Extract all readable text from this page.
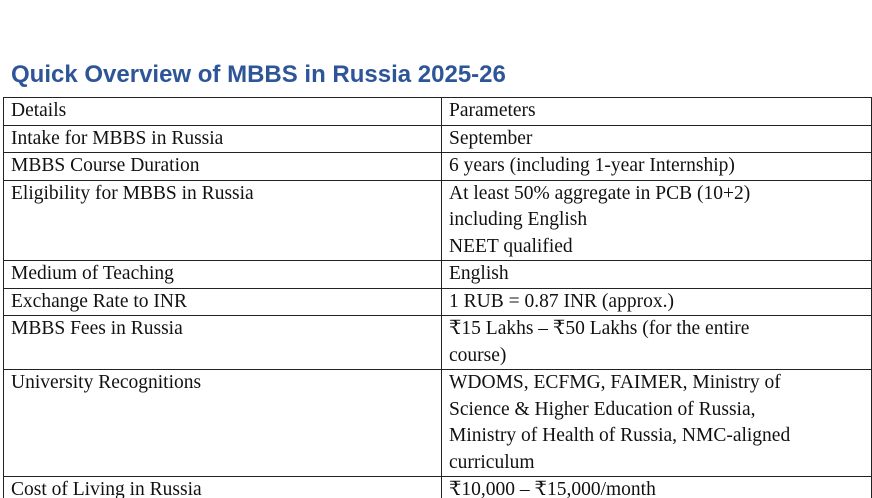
Quick Overview of MBBS in Russia 2025-26
Details	Parameters
Intake for MBBS in Russia	September

MBBS Course Duration	6 years (including 1-year Internship)

Eligibility for MBBS in Russia	At least 50% aggregate in PCB (10+2)
including English
NEET qualified

Medium of Teaching	English

Exchange Rate to INR	1 RUB = 0.87 INR (approx.)

MBBS Fees in Russia	₹15 Lakhs – ₹50 Lakhs (for the entire
course)

University Recognitions	WDOMS, ECFMG, FAIMER, Ministry of
Science & Higher Education of Russia,
Ministry of Health of Russia, NMC-aligned
curriculum

Cost of Living in Russia	₹10,000 – ₹15,000/month
